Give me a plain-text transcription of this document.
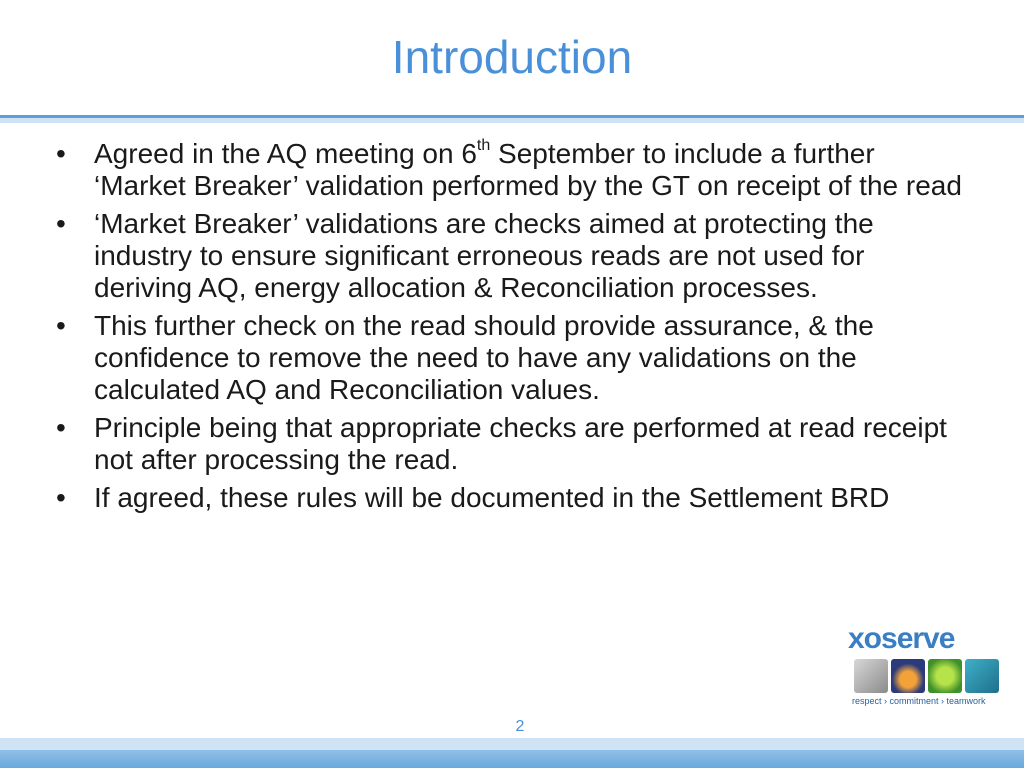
Introduction
• Agreed in the AQ meeting on 6th September to include a further ‘Market Breaker’ validation performed by the GT on receipt of the read
• ‘Market Breaker’ validations are checks aimed at protecting the industry to ensure significant erroneous reads are not used for deriving AQ, energy allocation & Reconciliation processes.
• This further check on the read should provide assurance, & the confidence to remove the need to have any validations on the calculated AQ and Reconciliation values.
• Principle being that appropriate checks are performed at read receipt not after processing the read.
• If agreed, these rules will be documented in the Settlement BRD
xoserve
respect › commitment › teamwork
2
